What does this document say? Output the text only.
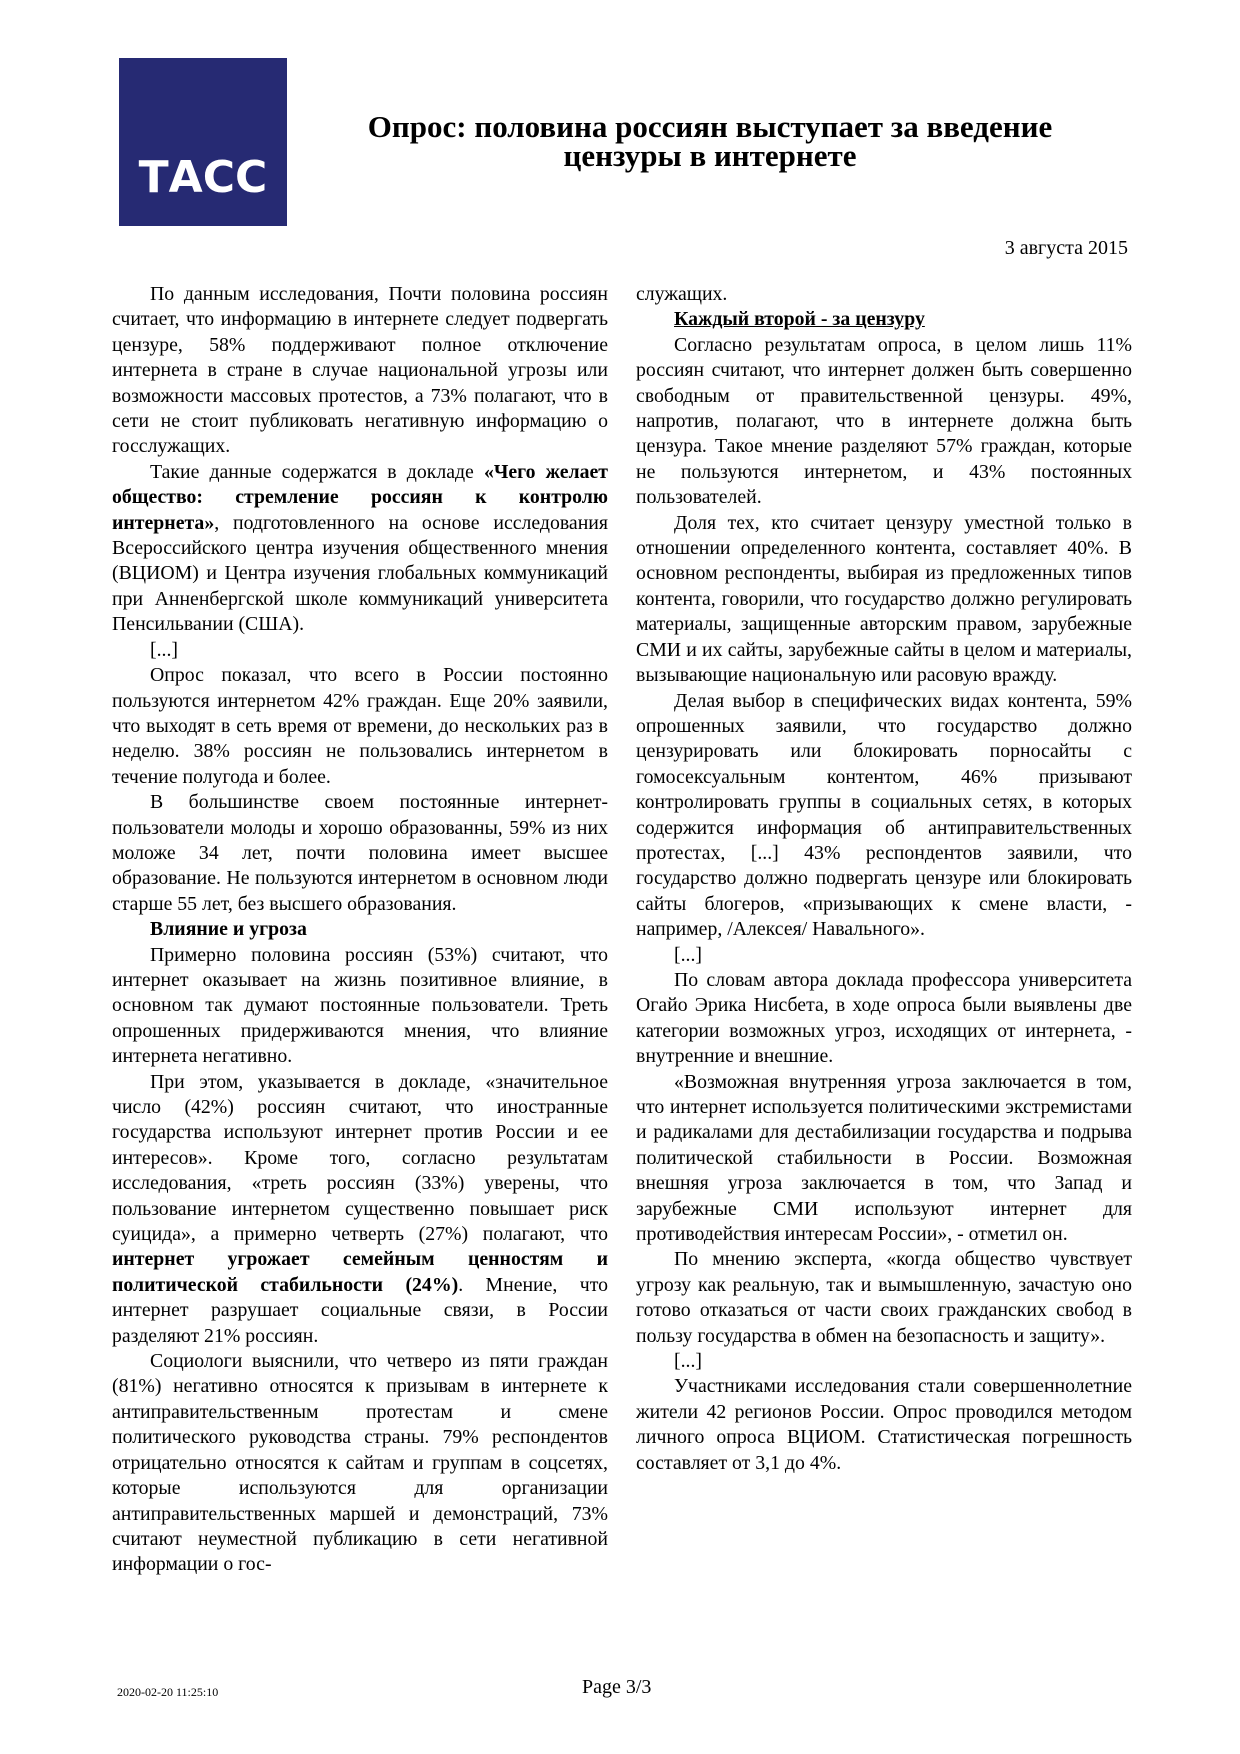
ТАСС
Опрос: половина россиян выступает за введение цензуры в интернете
3 августа 2015

По данным исследования, Почти половина россиян считает, что информацию в интернете следует подвергать цензуре, 58% поддерживают полное отключение интернета в стране в случае национальной угрозы или возможности массовых протестов, а 73% полагают, что в сети не стоит публиковать негативную информацию о госслужащих.

Такие данные содержатся в докладе «Чего желает общество: стремление россиян к контролю интернета», подготовленного на основе исследования Всероссийского центра изучения общественного мнения (ВЦИОМ) и Центра изучения глобальных коммуникаций при Анненбергской школе коммуникаций университета Пенсильвании (США).

[...]

Опрос показал, что всего в России постоянно пользуются интернетом 42% граждан. Еще 20% заявили, что выходят в сеть время от времени, до нескольких раз в неделю. 38% россиян не пользовались интернетом в течение полугода и более.

В большинстве своем постоянные интернет-пользователи молоды и хорошо образованны, 59% из них моложе 34 лет, почти половина имеет высшее образование. Не пользуются интернетом в основном люди старше 55 лет, без высшего образования.

Влияние и угроза

Примерно половина россиян (53%) считают, что интернет оказывает на жизнь позитивное влияние, в основном так думают постоянные пользователи. Треть опрошенных придерживаются мнения, что влияние интернета негативно.

При этом, указывается в докладе, «значительное число (42%) россиян считают, что иностранные государства используют интернет против России и ее интересов». Кроме того, согласно результатам исследования, «треть россиян (33%) уверены, что пользование интернетом существенно повышает риск суицида», а примерно четверть (27%) полагают, что интернет угрожает семейным ценностям и политической стабильности (24%). Мнение, что интернет разрушает социальные связи, в России разделяют 21% россиян.

Социологи выяснили, что четверо из пяти граждан (81%) негативно относятся к призывам в интернете к антиправительственным протестам и смене политического руководства страны. 79% респондентов отрицательно относятся к сайтам и группам в соцсетях, которые используются для организации антиправительственных маршей и демонстраций, 73% считают неуместной публикацию в сети негативной информации о гос-

служащих.

Каждый второй - за цензуру

Согласно результатам опроса, в целом лишь 11% россиян считают, что интернет должен быть совершенно свободным от правительственной цензуры. 49%, напротив, полагают, что в интернете должна быть цензура. Такое мнение разделяют 57% граждан, которые не пользуются интернетом, и 43% постоянных пользователей.

Доля тех, кто считает цензуру уместной только в отношении определенного контента, составляет 40%. В основном респонденты, выбирая из предложенных типов контента, говорили, что государство должно регулировать материалы, защищенные авторским правом, зарубежные СМИ и их сайты, зарубежные сайты в целом и материалы, вызывающие национальную или расовую вражду.

Делая выбор в специфических видах контента, 59% опрошенных заявили, что государство должно цензурировать или блокировать порносайты с гомосексуальным контентом, 46% призывают контролировать группы в социальных сетях, в которых содержится информация об антиправительственных протестах, [...] 43% респондентов заявили, что государство должно подвергать цензуре или блокировать сайты блогеров, «призывающих к смене власти, - например, /Алексея/ Навального».

[...]

По словам автора доклада профессора университета Огайо Эрика Нисбета, в ходе опроса были выявлены две категории возможных угроз, исходящих от интернета, - внутренние и внешние.

«Возможная внутренняя угроза заключается в том, что интернет используется политическими экстремистами и радикалами для дестабилизации государства и подрыва политической стабильности в России. Возможная внешняя угроза заключается в том, что Запад и зарубежные СМИ используют интернет для противодействия интересам России», - отметил он.

По мнению эксперта, «когда общество чувствует угрозу как реальную, так и вымышленную, зачастую оно готово отказаться от части своих гражданских свобод в пользу государства в обмен на безопасность и защиту».

[...]

Участниками исследования стали совершеннолетние жители 42 регионов России. Опрос проводился методом личного опроса ВЦИОМ. Статистическая погрешность составляет от 3,1 до 4%.

2020-02-20 11:25:10	Page 3/3
